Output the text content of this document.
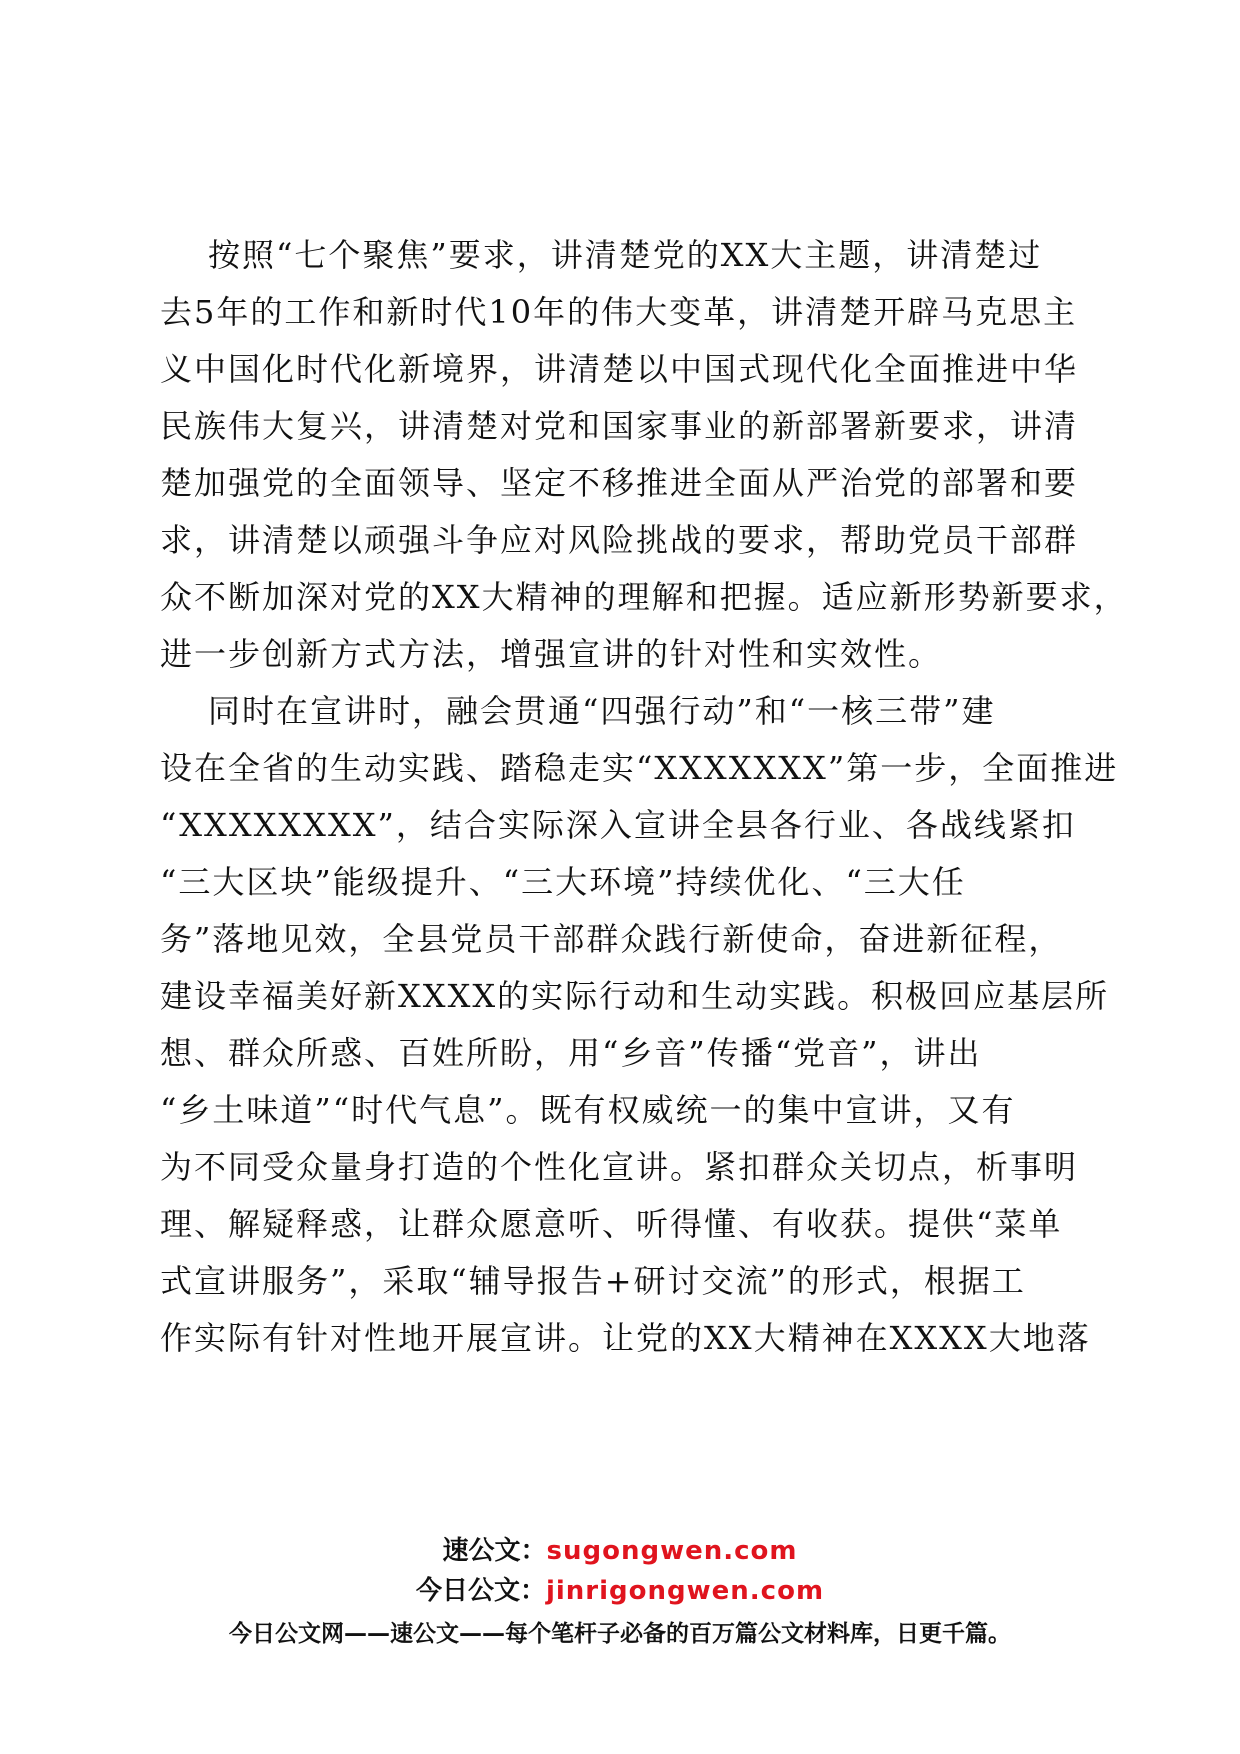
按照“七个聚焦”要求，讲清楚党的XX大主题，讲清楚过
去5年的工作和新时代10年的伟大变革，讲清楚开辟马克思主
义中国化时代化新境界，讲清楚以中国式现代化全面推进中华
民族伟大复兴，讲清楚对党和国家事业的新部署新要求，讲清
楚加强党的全面领导、坚定不移推进全面从严治党的部署和要
求，讲清楚以顽强斗争应对风险挑战的要求，帮助党员干部群
众不断加深对党的XX大精神的理解和把握。适应新形势新要求，
进一步创新方式方法，增强宣讲的针对性和实效性。
同时在宣讲时，融会贯通“四强行动”和“一核三带”建
设在全省的生动实践、踏稳走实“XXXXXXX”第一步，全面推进
“XXXXXXXX”，结合实际深入宣讲全县各行业、各战线紧扣
“三大区块”能级提升、“三大环境”持续优化、“三大任
务”落地见效，全县党员干部群众践行新使命，奋进新征程，
建设幸福美好新XXXX的实际行动和生动实践。积极回应基层所
想、群众所惑、百姓所盼，用“乡音”传播“党音”，讲出
“乡土味道”“时代气息”。既有权威统一的集中宣讲，又有
为不同受众量身打造的个性化宣讲。紧扣群众关切点，析事明
理、解疑释惑，让群众愿意听、听得懂、有收获。提供“菜单
式宣讲服务”，采取“辅导报告+研讨交流”的形式，根据工
作实际有针对性地开展宣讲。让党的XX大精神在XXXX大地落
速公文：sugongwen.com
今日公文：jinrigongwen.com
今日公文网——速公文——每个笔杆子必备的百万篇公文材料库，日更千篇。
